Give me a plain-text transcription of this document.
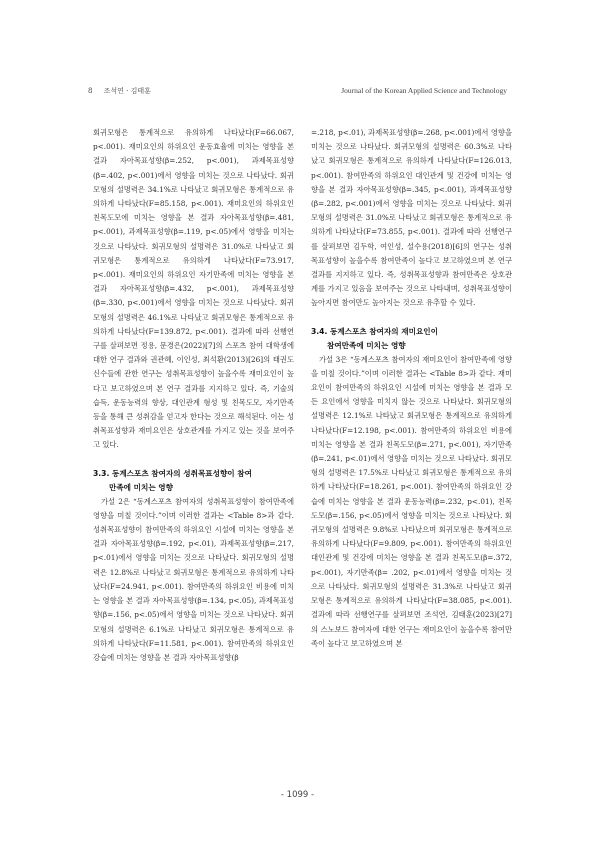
8 조석연 · 김태훈	Journal of the Korean Applied Science and Technology

회귀모형은 통계적으로 유의하게 나타났다(F=66.067, p<.001). 재미요인의 하위요인 운동효율에 미치는 영향을 본 결과 자아목표성향(β=.252, p<.001), 과제목표성향(β=.402, p<.001)에서 영향을 미치는 것으로 나타났다. 회귀모형의 설명력은 34.1%로 나타났고 회귀모형은 통계적으로 유의하게 나타났다(F=85.158, p<.001). 재미요인의 하위요인 친목도모에 미치는 영향을 본 결과 자아목표성향(β=.481, p<.001), 과제목표성향(β=.119, p<.05)에서 영향을 미치는 것으로 나타났다. 회귀모형의 설명력은 31.0%로 나타났고 회귀모형은 통계적으로 유의하게 나타났다(F=73.917, p<.001). 재미요인의 하위요인 자기만족에 미치는 영향을 본 결과 자아목표성향(β=.432, p<.001), 과제목표성향(β=.330, p<.001)에서 영향을 미치는 것으로 나타났다. 회귀모형의 설명력은 46.1%로 나타났고 회귀모형은 통계적으로 유의하게 나타났다(F=139.872, p<.001). 결과에 따라 선행연구를 살펴보면 정용, 문경은(2022)[7]의 스포츠 참여 대학생에 대한 연구 결과와 권관혜, 이인성, 최석환(2013)[26]의 태권도 신수들에 관한 연구는 성취목표성향이 높을수록 재미요인이 높다고 보고하였으며 본 연구 결과를 지지하고 있다. 즉, 기술의 습득, 운동능력의 향상, 대인관계 형성 및 친목도모, 자기만족 등을 통해 큰 성취감을 얻고자 한다는 것으로 해석된다. 이는 성취목표성향과 재미요인은 상호관계를 가지고 있는 것을 보여주고 있다.

3.3. 동계스포츠 참여자의 성취목표성향이 참여
만족에 미치는 영향

가설 2은 “동계스포츠 참여자의 성취목표성향이 참여만족에 영향을 미칠 것이다.”이며 이러한 결과는 <Table 8>과 같다. 성취목표성향이 참여만족의 하위요인 시설에 미치는 영향을 본 결과 자아목표성향(β=.192, p<.01), 과제목표성향(β=.217, p<.01)에서 영향을 미치는 것으로 나타났다. 회귀모형의 설명력은 12.8%로 나타났고 회귀모형은 통계적으로 유의하게 나타났다(F=24.941, p<.001). 참여만족의 하위요인 비용에 미치는 영향을 본 결과 자아목표성향(β=.134, p<.05), 과제목표성향(β=.156, p<.05)에서 영향을 미치는 것으로 나타났다. 회귀모형의 설명력은 6.1%로 나타났고 회귀모형은 통계적으로 유의하게 나타났다(F=11.581, p<.001). 참여만족의 하위요인 강습에 미치는 영향을 본 결과 자아목표성향(β

=.218, p<.01), 과제목표성향(β=.268, p<.001)에서 영향을 미치는 것으로 나타났다. 회귀모형의 설명력은 60.3%로 나타났고 회귀모형은 통계적으로 유의하게 나타났다(F=126.013, p<.001). 참여만족의 하위요인 대인관계 및 건강에 미치는 영향을 본 결과 자아목표성향(β=.345, p<.001), 과제목표성향(β=.282, p<.001)에서 영향을 미치는 것으로 나타났다. 회귀모형의 설명력은 31.0%로 나타났고 회귀모형은 통계적으로 유의하게 나타났다(F=73.855, p<.001). 결과에 따라 선행연구를 살펴보면 김두학, 여인성, 설수용(2018)[6]의 연구는 성취목표성향이 높을수록 참여만족이 높다고 보고하였으며 본 연구 결과를 지지하고 있다. 즉, 성취목표성향과 참여만족은 상호관계를 가지고 있음을 보여주는 것으로 나타내며, 성취목표성향이 높아지면 참여만도 높아지는 것으로 유추할 수 있다.

3.4. 동계스포츠 참여자의 재미요인이
참여만족에 미치는 영향

가설 3은 “동계스포츠 참여자의 재미요인이 참여만족에 영향을 미칠 것이다.”이며 이러한 결과는 <Table 8>과 같다. 재미요인이 참여만족의 하위요인 시설에 미치는 영향을 본 결과 모든 요인에서 영향을 미치지 않는 것으로 나타났다. 회귀모형의 설명력은 12.1%로 나타났고 회귀모형은 통계적으로 유의하게 나타났다(F=12.198, p<.001). 참여만족의 하위요인 비용에 미치는 영향을 본 결과 친목도모(β=.271, p<.001), 자기만족(β=.241, p<.01)에서 영향을 미치는 것으로 나타났다. 회귀모형의 설명력은 17.5%로 나타났고 회귀모형은 통계적으로 유의하게 나타났다(F=18.261, p<.001). 참여만족의 하위요인 강습에 미치는 영향을 본 결과 운동능력(β=.232, p<.01), 친목도모(β=.156, p<.05)에서 영향을 미치는 것으로 나타났다. 회귀모형의 설명력은 9.8%로 나타났으며 회귀모형은 통계적으로 유의하게 나타났다(F=9.809, p<.001). 참여만족의 하위요인 대인관계 및 건강에 미치는 영향을 본 결과 친목도모(β=.372, p<.001), 자기만족(β= .202, p<.01)에서 영향을 미치는 것으로 나타났다. 회귀모형의 설명력은 31.3%로 나타났고 회귀모형은 통계적으로 유의하게 나타났다(F=38.085, p<.001). 결과에 따라 선행연구를 살펴보면 조석연, 김태훈(2023)[27]의 스노보드 참여자에 대한 연구는 재미요인이 높을수록 참여만족이 높다고 보고하였으며 본

- 1099 -
